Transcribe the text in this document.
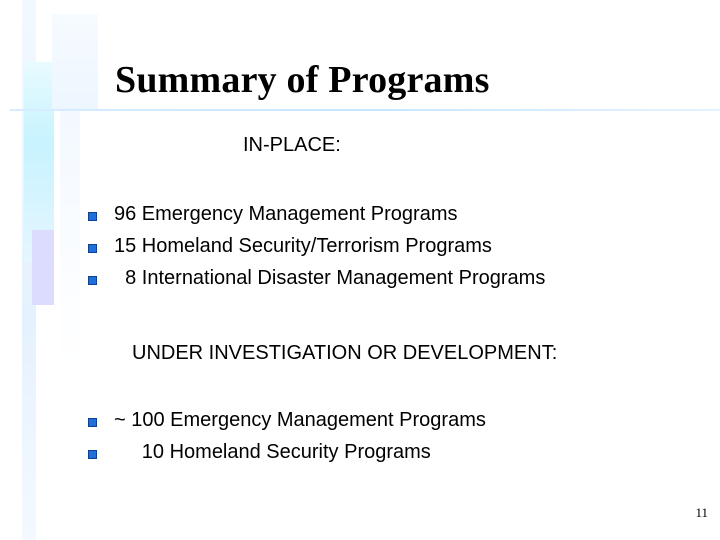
Summary of Programs

IN-PLACE:

96 Emergency Management Programs
15 Homeland Security/Terrorism Programs
8 International Disaster Management Programs

UNDER INVESTIGATION OR DEVELOPMENT:

~ 100 Emergency Management Programs
10 Homeland Security Programs

11
